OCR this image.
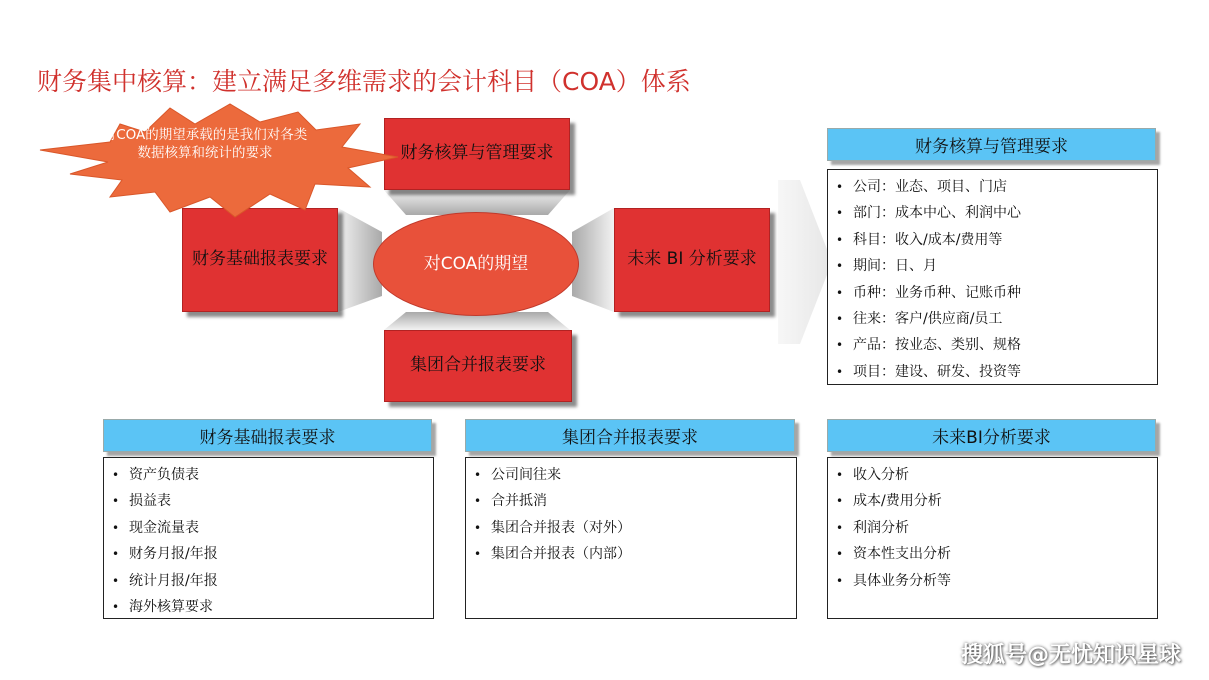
财务集中核算：建立满足多维需求的会计科目（COA）体系
财务核算与管理要求
财务基础报表要求	未来 BI 分析要求
集团合并报表要求
对COA的期望
对COA的期望承载的是我们对各类数据核算和统计的要求	财务核算与管理要求
• 公司：业态、项目、门店
• 部门：成本中心、利润中心
• 科目：收入/成本/费用等
• 期间：日、月
• 币种：业务币种、记账币种
• 往来：客户/供应商/员工
• 产品：按业态、类别、规格
• 项目：建设、研发、投资等
财务基础报表要求
• 资产负债表
• 损益表
• 现金流量表
• 财务月报/年报
• 统计月报/年报
• 海外核算要求
集团合并报表要求
• 公司间往来
• 合并抵消
• 集团合并报表（对外）
• 集团合并报表（内部）
未来BI分析要求
• 收入分析
• 成本/费用分析
• 利润分析
• 资本性支出分析
• 具体业务分析等
搜狐号@无忧知识星球
